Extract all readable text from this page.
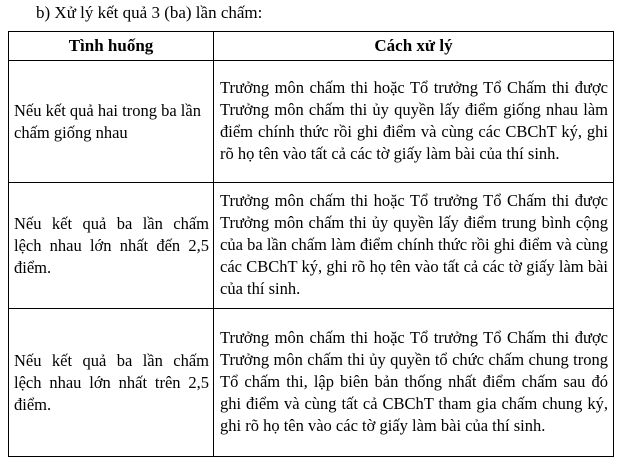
b) Xử lý kết quả 3 (ba) lần chấm:
Tình huống	Cách xử lý
Nếu kết quả hai trong ba lần chấm giống nhau	Trưởng môn chấm thi hoặc Tổ trưởng Tổ Chấm thi được Trưởng môn chấm thi ủy quyền lấy điểm giống nhau làm điểm chính thức rồi ghi điểm và cùng các CBChT ký, ghi rõ họ tên vào tất cả các tờ giấy làm bài của thí sinh.
Nếu kết quả ba lần chấm lệch nhau lớn nhất đến 2,5 điểm.	Trưởng môn chấm thi hoặc Tổ trưởng Tổ Chấm thi được Trưởng môn chấm thi ủy quyền lấy điểm trung bình cộng của ba lần chấm làm điểm chính thức rồi ghi điểm và cùng các CBChT ký, ghi rõ họ tên vào tất cả các tờ giấy làm bài của thí sinh.
Nếu kết quả ba lần chấm lệch nhau lớn nhất trên 2,5 điểm.	Trưởng môn chấm thi hoặc Tổ trưởng Tổ Chấm thi được Trưởng môn chấm thi ủy quyền tổ chức chấm chung trong Tổ chấm thi, lập biên bản thống nhất điểm chấm sau đó ghi điểm và cùng tất cả CBChT tham gia chấm chung ký, ghi rõ họ tên vào các tờ giấy làm bài của thí sinh.
